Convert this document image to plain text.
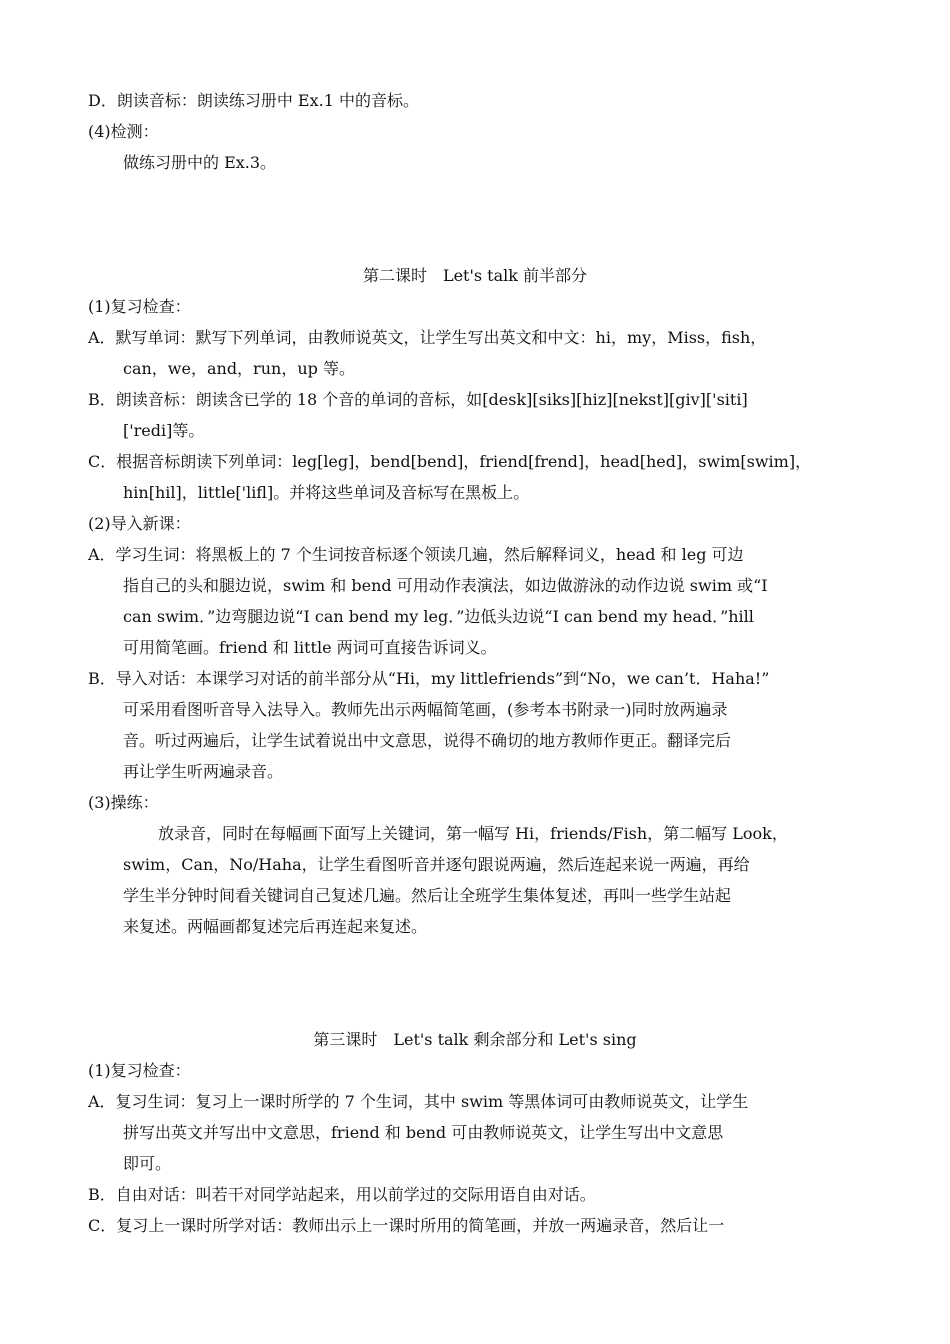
D．朗读音标：朗读练习册中 Ex.1 中的音标。
(4)检测：
做练习册中的 Ex.3。
第二课时　Let's talk 前半部分
(1)复习检查：
A．默写单词：默写下列单词，由教师说英文，让学生写出英文和中文：hi，my，Miss，fish，
can，we，and，run，up 等。
B．朗读音标：朗读含已学的 18 个音的单词的音标，如[desk][siks][hiz][nekst][giv]['siti]
['redi]等。
C．根据音标朗读下列单词：leg[leg]，bend[bend]，friend[frend]，head[hed]，swim[swim]，
hin[hil]，little['lifl]。并将这些单词及音标写在黑板上。
(2)导入新课：
A．学习生词：将黑板上的 7 个生词按音标逐个领读几遍，然后解释词义，head 和 leg 可边
指自己的头和腿边说，swim 和 bend 可用动作表演法，如边做游泳的动作边说 swim 或“I
can swim．”边弯腿边说“I can bend my leg．”边低头边说“I can bend my head．”hill
可用简笔画。friend 和 little 两词可直接告诉词义。
B．导入对话：本课学习对话的前半部分从“Hi，my littlefriends”到“No，we can’t．Haha!”
可采用看图听音导入法导入。教师先出示两幅简笔画，(参考本书附录一)同时放两遍录
音。听过两遍后，让学生试着说出中文意思，说得不确切的地方教师作更正。翻译完后
再让学生听两遍录音。
(3)操练：
放录音，同时在每幅画下面写上关键词，第一幅写 Hi，friends/Fish，第二幅写 Look，
swim，Can，No/Haha，让学生看图听音并逐句跟说两遍，然后连起来说一两遍，再给
学生半分钟时间看关键词自己复述几遍。然后让全班学生集体复述，再叫一些学生站起
来复述。两幅画都复述完后再连起来复述。
第三课时　Let's talk 剩余部分和 Let's sing
(1)复习检查：
A．复习生词：复习上一课时所学的 7 个生词，其中 swim 等黑体词可由教师说英文，让学生
拼写出英文并写出中文意思，friend 和 bend 可由教师说英文，让学生写出中文意思
即可。
B．自由对话：叫若干对同学站起来，用以前学过的交际用语自由对话。
C．复习上一课时所学对话：教师出示上一课时所用的简笔画，并放一两遍录音，然后让一
